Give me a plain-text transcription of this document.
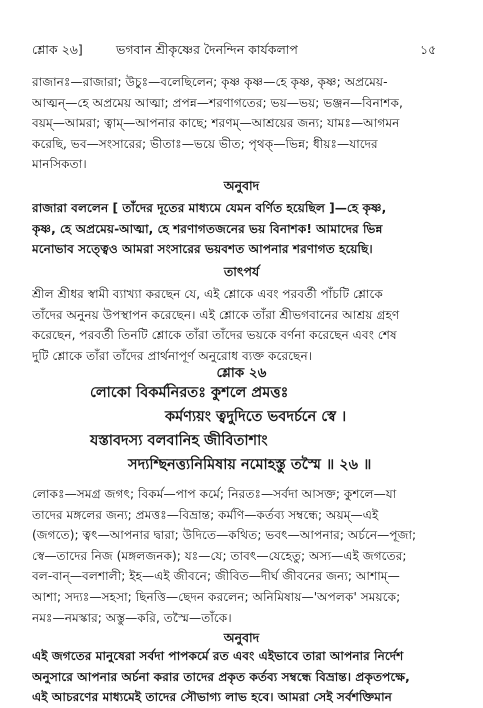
শ্লোক ২৬]	ভগবান শ্রীকৃষ্ণের দৈনন্দিন কার্যকলাপ	১৫
রাজানঃ—রাজারা; উচুঃ—বলেছিলেন; কৃষ্ণ কৃষ্ণ—হে কৃষ্ণ, কৃষ্ণ; অপ্রমেয়-
আত্মন্—হে অপ্রমেয় আত্মা; প্রপন্ন—শরণাগতের; ভয়—ভয়; ভঞ্জন—বিনাশক,
বয়ম্—আমরা; ত্বাম্—আপনার কাছে; শরণম্—আশ্রয়ের জন্য; যামঃ—আগমন
করেছি, ভব—সংসারের; ভীতাঃ—ভয়ে ভীত; পৃথক্—ভিন্ন; ধীয়ঃ—যাদের
মানসিকতা।
অনুবাদ
রাজারা বললেন [ তাঁদের দূতের মাধ্যমে যেমন বর্ণিত হয়েছিল ]—হে কৃষ্ণ,
কৃষ্ণ, হে অপ্রমেয়-আত্মা, হে শরণাগতজনের ভয় বিনাশক! আমাদের ভিন্ন
মনোভাব সত্ত্বেও আমরা সংসারের ভয়বশত আপনার শরণাগত হয়েছি।
তাৎপর্য
শ্রীল শ্রীধর স্বামী ব্যাখ্যা করছেন যে, এই শ্লোকে এবং পরবর্তী পাঁচটি শ্লোকে
তাঁদের অনুনয় উপস্থাপন করেছেন। এই শ্লোকে তাঁরা শ্রীভগবানের আশ্রয় গ্রহণ
করেছেন, পরবর্তী তিনটি শ্লোকে তাঁরা তাঁদের ভয়কে বর্ণনা করেছেন এবং শেষ
দুটি শ্লোকে তাঁরা তাঁদের প্রার্থনাপূর্ণ অনুরোধ ব্যক্ত করেছেন।
শ্লোক ২৬
লোকো বিকর্মনিরতঃ কুশলে প্রমত্তঃ
কর্মণ্যয়ং ত্বদুদিতে ভবদর্চনে স্বে ।
যস্তাবদস্য বলবানিহ জীবিতাশাং
সদ্যশ্ছিনত্ত্যনিমিষায় নমোহস্তু তস্মৈ ॥ ২৬ ॥
লোকঃ—সমগ্র জগৎ; বিকর্ম—পাপ কর্মে; নিরতঃ—সর্বদা আসক্ত; কুশলে—যা
তাদের মঙ্গলের জন্য; প্রমত্তঃ—বিভ্রান্ত; কর্মণি—কর্তব্য সম্বন্ধে; অয়ম্—এই
(জগতে); ত্বৎ—আপনার দ্বারা; উদিতে—কথিত; ভবৎ—আপনার; অর্চনে—পূজা;
স্বে—তাদের নিজ (মঙ্গলজনক); যঃ—যে; তাবৎ—যেহেতু; অস্য—এই জগতের;
বল-বান্—বলশালী; ইহ—এই জীবনে; জীবিত—দীর্ঘ জীবনের জন্য; আশাম্—
আশা; সদ্যঃ—সহসা; ছিনত্তি—ছেদন করলেন; অনিমিষায়—'অপলক' সময়কে;
নমঃ—নমস্কার; অস্তু—করি, তস্মৈ—তাঁকে।
অনুবাদ
এই জগতের মানুষেরা সর্বদা পাপকর্মে রত এবং এইভাবে তারা আপনার নির্দেশ
অনুসারে আপনার অর্চনা করার তাদের প্রকৃত কর্তব্য সম্বন্ধে বিভ্রান্ত। প্রকৃতপক্ষে,
এই আচরণের মাধ্যমেই তাদের সৌভাগ্য লাভ হবে। আমরা সেই সর্বশক্তিমান
